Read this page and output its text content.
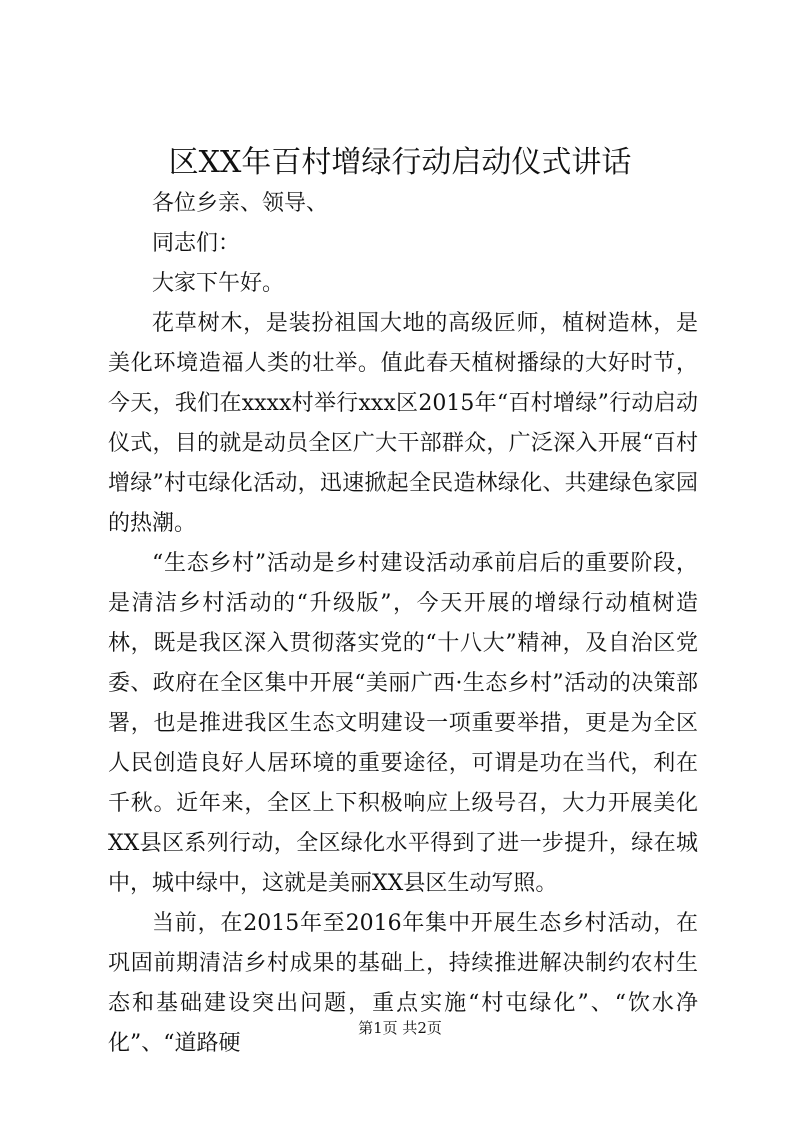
区XX年百村增绿行动启动仪式讲话

各位乡亲、领导、

同志们：

大家下午好。

花草树木，是装扮祖国大地的高级匠师，植树造林，是美化环境造福人类的壮举。值此春天植树播绿的大好时节，今天，我们在xxxx村举行xxx区2015年“百村增绿”行动启动仪式，目的就是动员全区广大干部群众，广泛深入开展“百村增绿”村屯绿化活动，迅速掀起全民造林绿化、共建绿色家园的热潮。

“生态乡村”活动是乡村建设活动承前启后的重要阶段，是清洁乡村活动的“升级版”，今天开展的增绿行动植树造林，既是我区深入贯彻落实党的“十八大”精神，及自治区党委、政府在全区集中开展“美丽广西·生态乡村”活动的决策部署，也是推进我区生态文明建设一项重要举措，更是为全区人民创造良好人居环境的重要途径，可谓是功在当代，利在千秋。近年来，全区上下积极响应上级号召，大力开展美化XX县区系列行动，全区绿化水平得到了进一步提升，绿在城中，城中绿中，这就是美丽XX县区生动写照。

当前，在2015年至2016年集中开展生态乡村活动，在巩固前期清洁乡村成果的基础上，持续推进解决制约农村生态和基础建设突出问题，重点实施“村屯绿化”、“饮水净化”、“道路硬

第1页 共2页
